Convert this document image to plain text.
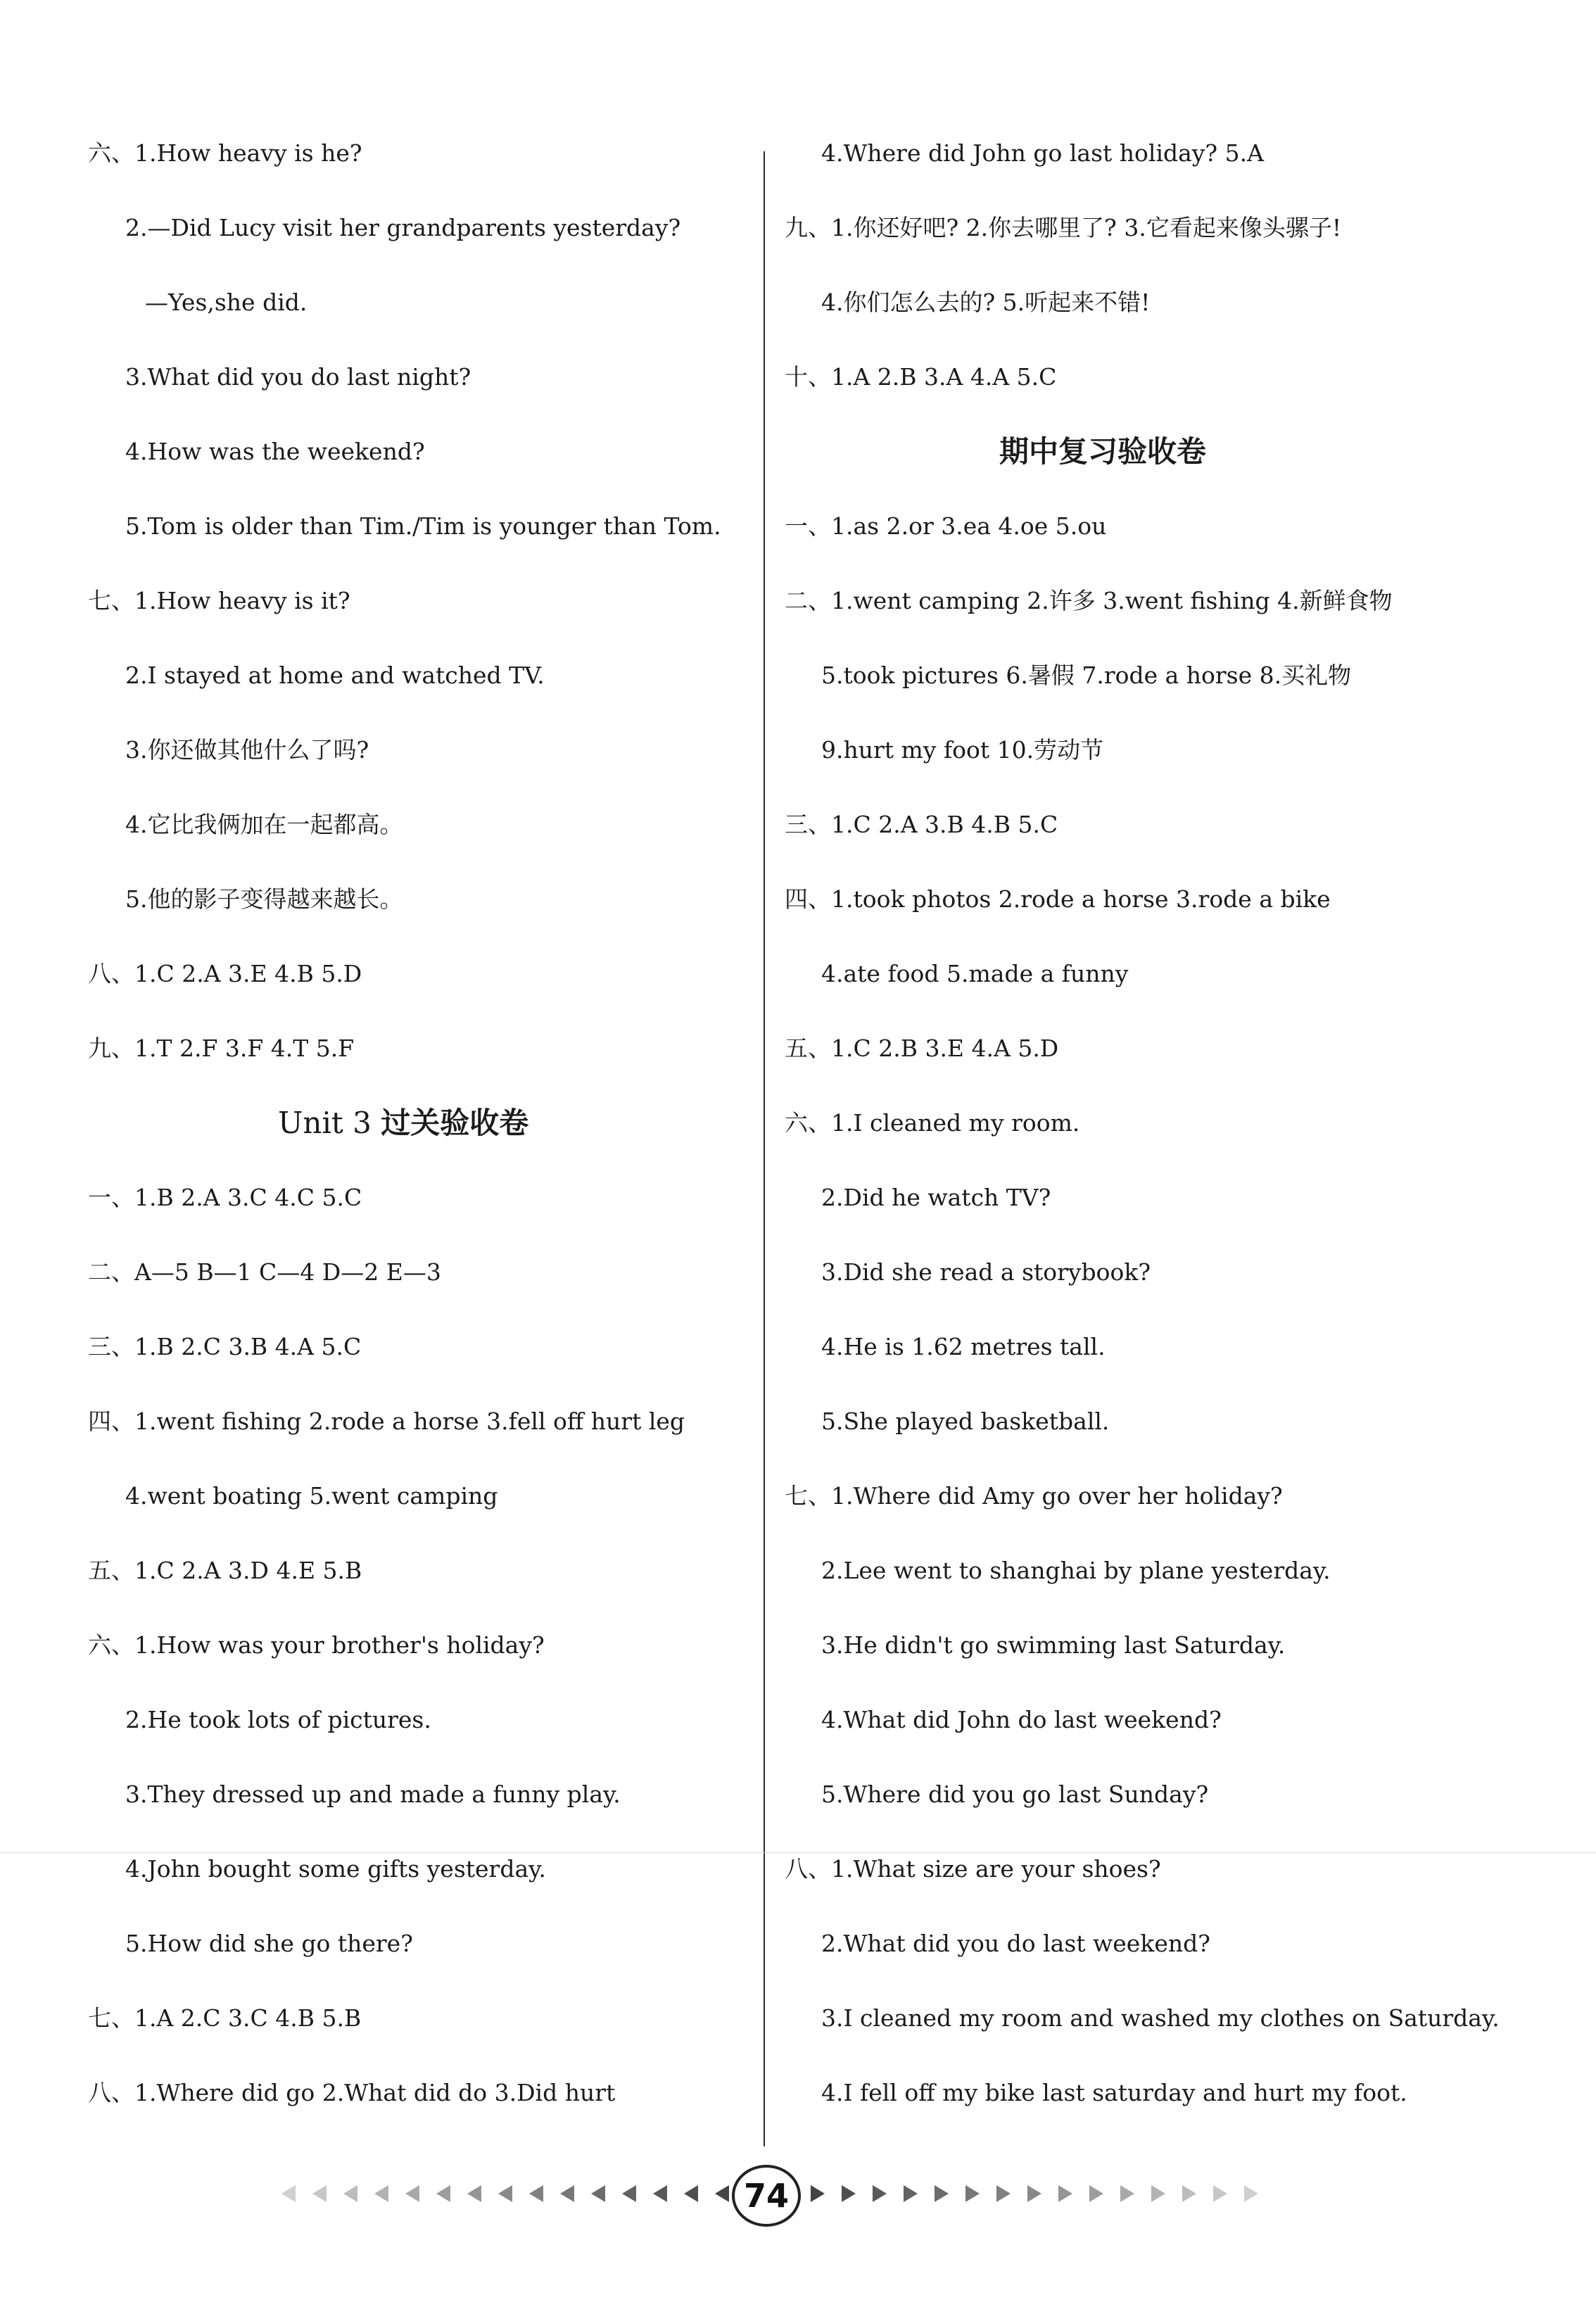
六、1.How heavy is he?
2.—Did Lucy visit her grandparents yesterday?
—Yes,she did.
3.What did you do last night?
4.How was the weekend?
5.Tom is older than Tim./Tim is younger than Tom.
七、1.How heavy is it?
2.I stayed at home and watched TV.
3.你还做其他什么了吗?
4.它比我俩加在一起都高。
5.他的影子变得越来越长。
八、1.C 2.A 3.E 4.B 5.D
九、1.T 2.F 3.F 4.T 5.F
Unit 3 过关验收卷
一、1.B 2.A 3.C 4.C 5.C
二、A—5 B—1 C—4 D—2 E—3
三、1.B 2.C 3.B 4.A 5.C
四、1.went fishing 2.rode a horse 3.fell off hurt leg
4.went boating 5.went camping
五、1.C 2.A 3.D 4.E 5.B
六、1.How was your brother's holiday?
2.He took lots of pictures.
3.They dressed up and made a funny play.
4.John bought some gifts yesterday.
5.How did she go there?
七、1.A 2.C 3.C 4.B 5.B
八、1.Where did go 2.What did do 3.Did hurt
4.Where did John go last holiday? 5.A
九、1.你还好吧? 2.你去哪里了? 3.它看起来像头骡子!
4.你们怎么去的? 5.听起来不错!
十、1.A 2.B 3.A 4.A 5.C
期中复习验收卷
一、1.as 2.or 3.ea 4.oe 5.ou
二、1.went camping 2.许多 3.went fishing 4.新鲜食物
5.took pictures 6.暑假 7.rode a horse 8.买礼物
9.hurt my foot 10.劳动节
三、1.C 2.A 3.B 4.B 5.C
四、1.took photos 2.rode a horse 3.rode a bike
4.ate food 5.made a funny
五、1.C 2.B 3.E 4.A 5.D
六、1.I cleaned my room.
2.Did he watch TV?
3.Did she read a storybook?
4.He is 1.62 metres tall.
5.She played basketball.
七、1.Where did Amy go over her holiday?
2.Lee went to shanghai by plane yesterday.
3.He didn't go swimming last Saturday.
4.What did John do last weekend?
5.Where did you go last Sunday?
八、1.What size are your shoes?
2.What did you do last weekend?
3.I cleaned my room and washed my clothes on Saturday.
4.I fell off my bike last saturday and hurt my foot.
74
